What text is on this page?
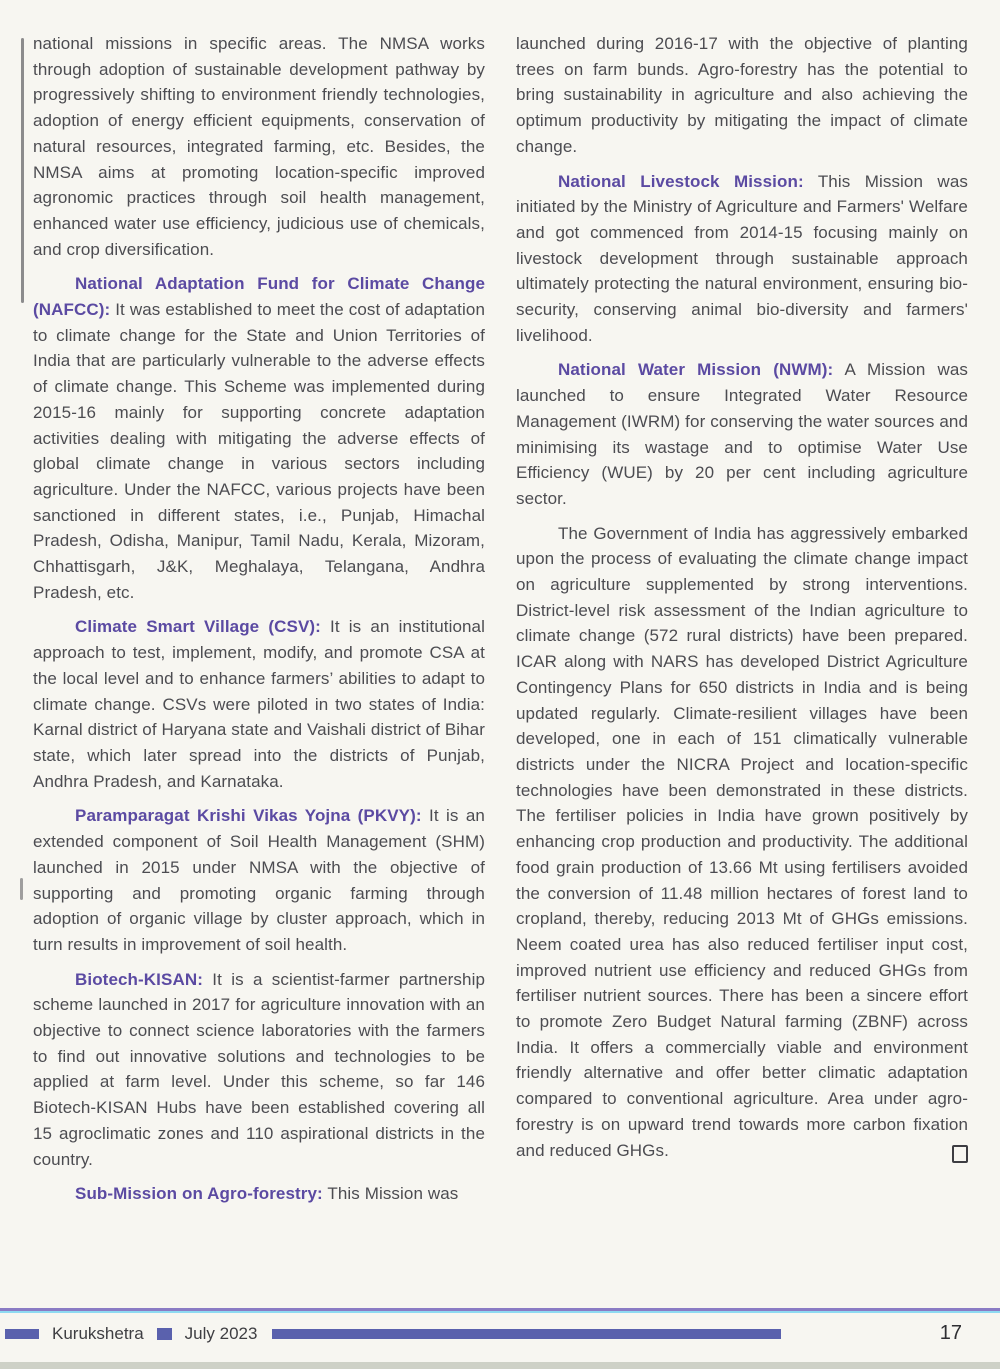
national missions in specific areas. The NMSA works through adoption of sustainable development pathway by progressively shifting to environment friendly technologies, adoption of energy efficient equipments, conservation of natural resources, integrated farming, etc. Besides, the NMSA aims at promoting location-specific improved agronomic practices through soil health management, enhanced water use efficiency, judicious use of chemicals, and crop diversification.

National Adaptation Fund for Climate Change (NAFCC): It was established to meet the cost of adaptation to climate change for the State and Union Territories of India that are particularly vulnerable to the adverse effects of climate change. This Scheme was implemented during 2015-16 mainly for supporting concrete adaptation activities dealing with mitigating the adverse effects of global climate change in various sectors including agriculture. Under the NAFCC, various projects have been sanctioned in different states, i.e., Punjab, Himachal Pradesh, Odisha, Manipur, Tamil Nadu, Kerala, Mizoram, Chhattisgarh, J&K, Meghalaya, Telangana, Andhra Pradesh, etc.

Climate Smart Village (CSV): It is an institutional approach to test, implement, modify, and promote CSA at the local level and to enhance farmers’ abilities to adapt to climate change. CSVs were piloted in two states of India: Karnal district of Haryana state and Vaishali district of Bihar state, which later spread into the districts of Punjab, Andhra Pradesh, and Karnataka.

Paramparagat Krishi Vikas Yojna (PKVY): It is an extended component of Soil Health Management (SHM) launched in 2015 under NMSA with the objective of supporting and promoting organic farming through adoption of organic village by cluster approach, which in turn results in improvement of soil health.

Biotech-KISAN: It is a scientist-farmer partnership scheme launched in 2017 for agriculture innovation with an objective to connect science laboratories with the farmers to find out innovative solutions and technologies to be applied at farm level. Under this scheme, so far 146 Biotech-KISAN Hubs have been established covering all 15 agroclimatic zones and 110 aspirational districts in the country.

Sub-Mission on Agro-forestry: This Mission was

launched during 2016-17 with the objective of planting trees on farm bunds. Agro-forestry has the potential to bring sustainability in agriculture and also achieving the optimum productivity by mitigating the impact of climate change.

National Livestock Mission: This Mission was initiated by the Ministry of Agriculture and Farmers' Welfare and got commenced from 2014-15 focusing mainly on livestock development through sustainable approach ultimately protecting the natural environment, ensuring bio-security, conserving animal bio-diversity and farmers' livelihood.

National Water Mission (NWM): A Mission was launched to ensure Integrated Water Resource Management (IWRM) for conserving the water sources and minimising its wastage and to optimise Water Use Efficiency (WUE) by 20 per cent including agriculture sector.

The Government of India has aggressively embarked upon the process of evaluating the climate change impact on agriculture supplemented by strong interventions. District-level risk assessment of the Indian agriculture to climate change (572 rural districts) have been prepared. ICAR along with NARS has developed District Agriculture Contingency Plans for 650 districts in India and is being updated regularly. Climate-resilient villages have been developed, one in each of 151 climatically vulnerable districts under the NICRA Project and location-specific technologies have been demonstrated in these districts. The fertiliser policies in India have grown positively by enhancing crop production and productivity. The additional food grain production of 13.66 Mt using fertilisers avoided the conversion of 11.48 million hectares of forest land to cropland, thereby, reducing 2013 Mt of GHGs emissions. Neem coated urea has also reduced fertiliser input cost, improved nutrient use efficiency and reduced GHGs from fertiliser nutrient sources. There has been a sincere effort to promote Zero Budget Natural farming (ZBNF) across India. It offers a commercially viable and environment friendly alternative and offer better climatic adaptation compared to conventional agriculture. Area under agro-forestry is on upward trend towards more carbon fixation and reduced GHGs.

Kurukshetra July 2023	17
